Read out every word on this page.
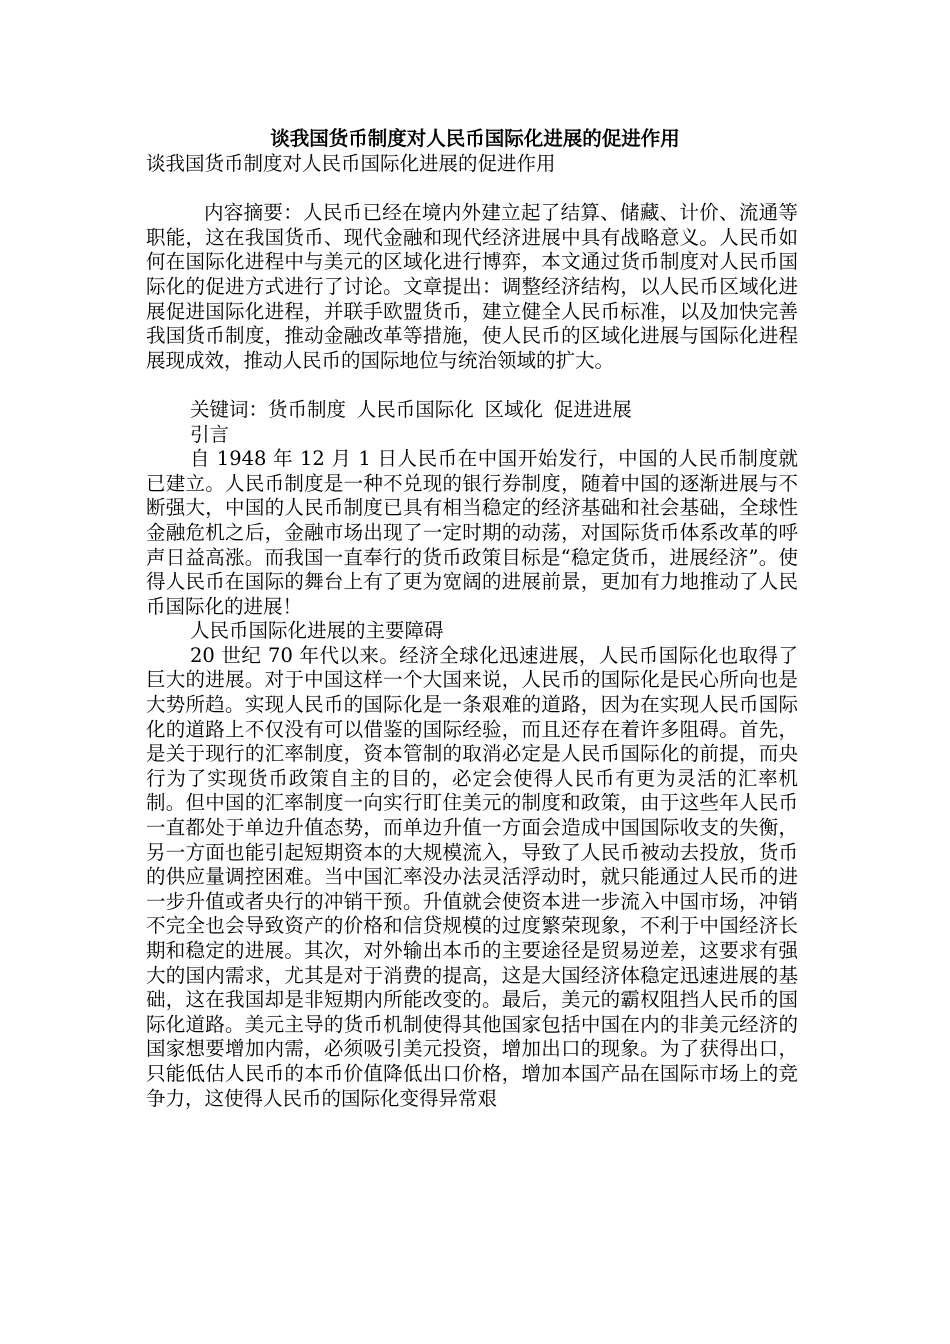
谈我国货币制度对人民币国际化进展的促进作用

谈我国货币制度对人民币国际化进展的促进作用

内容摘要：人民币已经在境内外建立起了结算、储藏、计价、流通等职能，这在我国货币、现代金融和现代经济进展中具有战略意义。人民币如何在国际化进程中与美元的区域化进行博弈，本文通过货币制度对人民币国际化的促进方式进行了讨论。文章提出：调整经济结构，以人民币区域化进展促进国际化进程，并联手欧盟货币，建立健全人民币标准，以及加快完善我国货币制度，推动金融改革等措施，使人民币的区域化进展与国际化进程展现成效，推动人民币的国际地位与统治领域的扩大。

关键词：货币制度 人民币国际化 区域化 促进进展

引言

自 1948 年 12 月 1 日人民币在中国开始发行，中国的人民币制度就已建立。人民币制度是一种不兑现的银行券制度，随着中国的逐渐进展与不断强大，中国的人民币制度已具有相当稳定的经济基础和社会基础，全球性金融危机之后，金融市场出现了一定时期的动荡，对国际货币体系改革的呼声日益高涨。而我国一直奉行的货币政策目标是“稳定货币，进展经济”。使得人民币在国际的舞台上有了更为宽阔的进展前景，更加有力地推动了人民币国际化的进展！

人民币国际化进展的主要障碍

20 世纪 70 年代以来。经济全球化迅速进展，人民币国际化也取得了巨大的进展。对于中国这样一个大国来说，人民币的国际化是民心所向也是大势所趋。实现人民币的国际化是一条艰难的道路，因为在实现人民币国际化的道路上不仅没有可以借鉴的国际经验，而且还存在着许多阻碍。首先，是关于现行的汇率制度，资本管制的取消必定是人民币国际化的前提，而央行为了实现货币政策自主的目的，必定会使得人民币有更为灵活的汇率机制。但中国的汇率制度一向实行盯住美元的制度和政策，由于这些年人民币一直都处于单边升值态势，而单边升值一方面会造成中国国际收支的失衡，另一方面也能引起短期资本的大规模流入，导致了人民币被动去投放，货币的供应量调控困难。当中国汇率没办法灵活浮动时，就只能通过人民币的进一步升值或者央行的冲销干预。升值就会使资本进一步流入中国市场，冲销不完全也会导致资产的价格和信贷规模的过度繁荣现象，不利于中国经济长期和稳定的进展。其次，对外输出本币的主要途径是贸易逆差，这要求有强大的国内需求，尤其是对于消费的提高，这是大国经济体稳定迅速进展的基础，这在我国却是非短期内所能改变的。最后，美元的霸权阻挡人民币的国际化道路。美元主导的货币机制使得其他国家包括中国在内的非美元经济的国家想要增加内需，必须吸引美元投资，增加出口的现象。为了获得出口，只能低估人民币的本币价值降低出口价格，增加本国产品在国际市场上的竞争力，这使得人民币的国际化变得异常艰
